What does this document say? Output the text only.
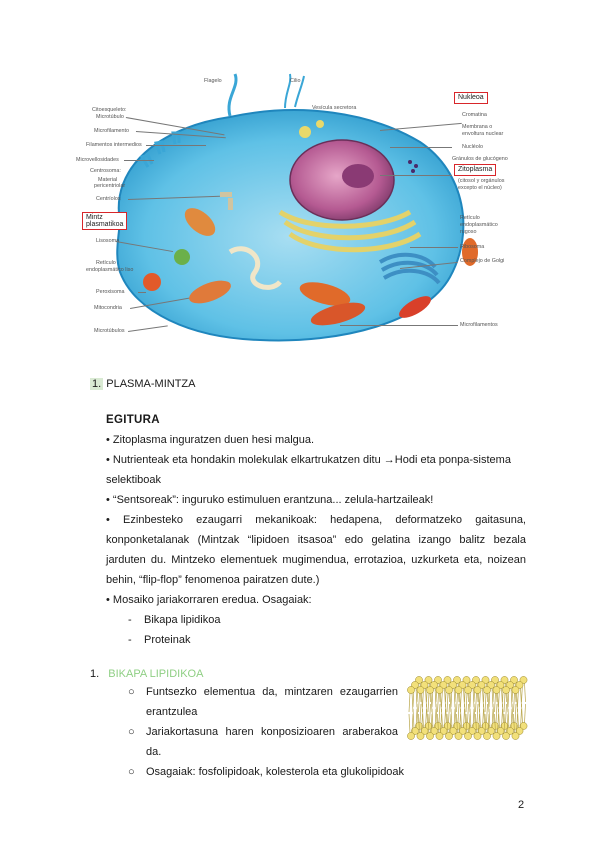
Citoesqueleto:
Microtúbulo
Microfilamento
Filamentos intermedios
Microvellosidades
Centrosoma:
Material
pericentriolar
Centríolos
Lisosoma
Retículo
endoplasmático liso
Peroxisoma
Mitocondria
Microtúbulos
Flagelo	Cilio
Vesícula secretora
Cromatina
Membrana o
envoltura nuclear
Nucléolo
Gránulos de glucógeno
(citosol y orgánulos
excepto el núcleo)
Retículo
endoplasmático
rugoso
Ribosoma
Complejo de Golgi
Microfilamentos
Nukleoa
Zitoplasma
Mintz
plasmatikoa
1. PLASMA-MINTZA
EGITURA
• Zitoplasma inguratzen duen hesi malgua.
• Nutrienteak eta hondakin molekulak elkartrukatzen ditu →Hodi eta ponpa-sistema
selektiboak
• “Sentsoreak”: inguruko estimuluen erantzuna... zelula-hartzaileak!
• Ezinbesteko ezaugarri mekanikoak: hedapena, deformatzeko gaitasuna,
konponketalanak (Mintzak “lipidoen itsasoa” edo gelatina izango balitz bezala
jarduten du. Mintzeko elementuek mugimendua, errotazioa, uzkurketa eta, noizean
behin, “flip-flop” fenomenoa pairatzen dute.)
• Mosaiko jariakorraren eredua. Osagaiak:
- Bikapa lipidikoa
- Proteinak
1. BIKAPA LIPIDIKOA
○ Funtsezko elementua da, mintzaren ezaugarrien
erantzulea
○ Jariakortasuna haren konposizioaren araberakoa
da.
○ Osagaiak: fosfolipidoak, kolesterola eta glukolipidoak
2
